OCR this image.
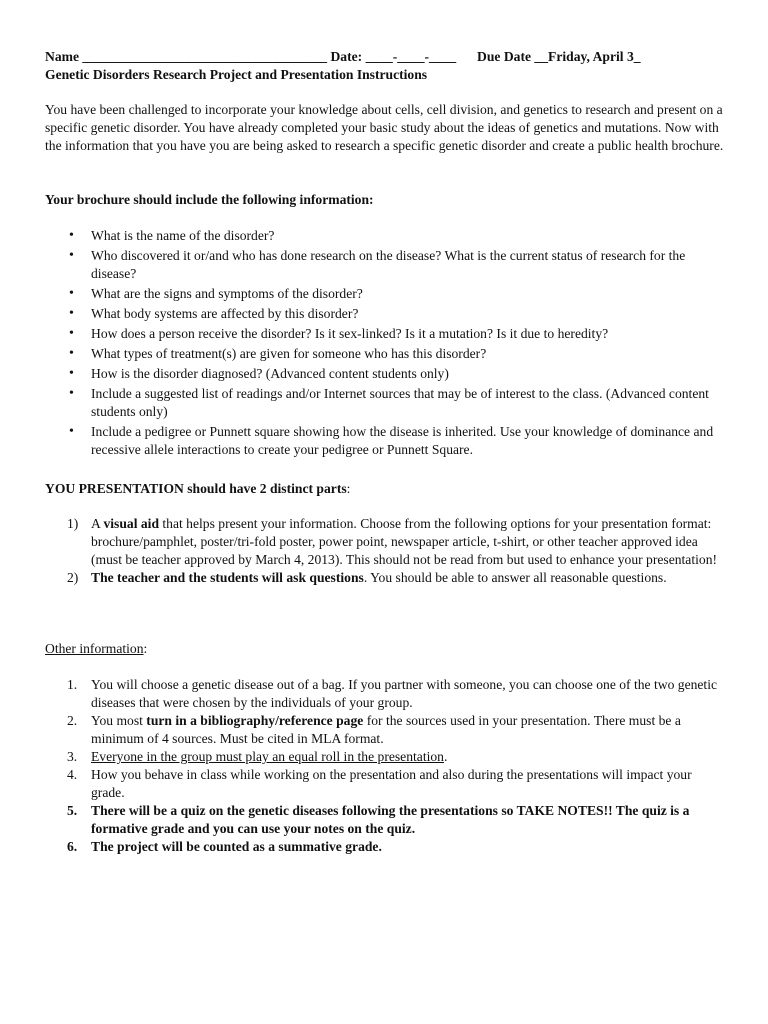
Name ____________________________________ Date: ____-____-____ Due Date __Friday, April 3_
Genetic Disorders Research Project and Presentation Instructions

You have been challenged to incorporate your knowledge about cells, cell division, and genetics to research and present on a specific genetic disorder. You have already completed your basic study about the ideas of genetics and mutations. Now with the information that you have you are being asked to research a specific genetic disorder and create a public health brochure.

Your brochure should include the following information:
• What is the name of the disorder?
• Who discovered it or/and who has done research on the disease? What is the current status of research for the disease?
• What are the signs and symptoms of the disorder?
• What body systems are affected by this disorder?
• How does a person receive the disorder? Is it sex-linked? Is it a mutation? Is it due to heredity?
• What types of treatment(s) are given for someone who has this disorder?
• How is the disorder diagnosed? (Advanced content students only)
• Include a suggested list of readings and/or Internet sources that may be of interest to the class. (Advanced content students only)
• Include a pedigree or Punnett square showing how the disease is inherited. Use your knowledge of dominance and recessive allele interactions to create your pedigree or Punnett Square.
YOU PRESENTATION should have 2 distinct parts:
1) A visual aid that helps present your information. Choose from the following options for your presentation format: brochure/pamphlet, poster/tri-fold poster, power point, newspaper article, t-shirt, or other teacher approved idea (must be teacher approved by March 4, 2013). This should not be read from but used to enhance your presentation!
2) The teacher and the students will ask questions. You should be able to answer all reasonable questions.
Other information:
1. You will choose a genetic disease out of a bag. If you partner with someone, you can choose one of the two genetic diseases that were chosen by the individuals of your group.
2. You most turn in a bibliography/reference page for the sources used in your presentation. There must be a minimum of 4 sources. Must be cited in MLA format.
3. Everyone in the group must play an equal roll in the presentation.
4. How you behave in class while working on the presentation and also during the presentations will impact your grade.
5. There will be a quiz on the genetic diseases following the presentations so TAKE NOTES!! The quiz is a formative grade and you can use your notes on the quiz.
6. The project will be counted as a summative grade.
